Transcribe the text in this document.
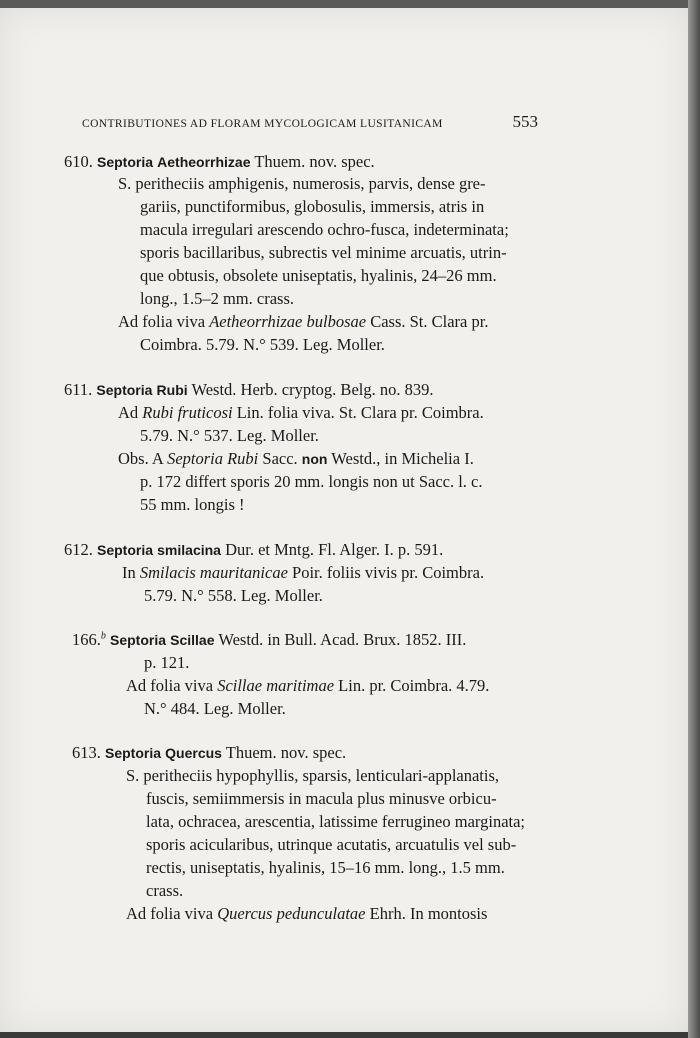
CONTRIBUTIONES AD FLORAM MYCOLOGICAM LUSITANICAM	553
610. Septoria Aetheorrhizae Thuem. nov. spec.
S. peritheciis amphigenis, numerosis, parvis, dense gre-
gariis, punctiformibus, globosulis, immersis, atris in
macula irregulari arescendo ochro-fusca, indeterminata;
sporis bacillaribus, subrectis vel minime arcuatis, utrin-
que obtusis, obsolete uniseptatis, hyalinis, 24–26 mm.
long., 1.5–2 mm. crass.
Ad folia viva Aetheorrhizae bulbosae Cass. St. Clara pr.
Coimbra. 5.79. N.° 539. Leg. Moller.
611. Septoria Rubi Westd. Herb. cryptog. Belg. no. 839.
Ad Rubi fruticosi Lin. folia viva. St. Clara pr. Coimbra.
5.79. N.° 537. Leg. Moller.
Obs. A Septoria Rubi Sacc. non Westd., in Michelia I.
p. 172 differt sporis 20 mm. longis non ut Sacc. l. c.
55 mm. longis !
612. Septoria smilacina Dur. et Mntg. Fl. Alger. I. p. 591.
In Smilacis mauritanicae Poir. foliis vivis pr. Coimbra.
5.79. N.° 558. Leg. Moller.
166.$^b$ Septoria Scillae Westd. in Bull. Acad. Brux. 1852. III.
p. 121.
Ad folia viva Scillae maritimae Lin. pr. Coimbra. 4.79.
N.° 484. Leg. Moller.
613. Septoria Quercus Thuem. nov. spec.
S. peritheciis hypophyllis, sparsis, lenticulari-applanatis,
fuscis, semiimmersis in macula plus minusve orbicu-
lata, ochracea, arescentia, latissime ferrugineo marginata;
sporis acicularibus, utrinque acutatis, arcuatulis vel sub-
rectis, uniseptatis, hyalinis, 15–16 mm. long., 1.5 mm.
crass.
Ad folia viva Quercus pedunculatae Ehrh. In montosis
